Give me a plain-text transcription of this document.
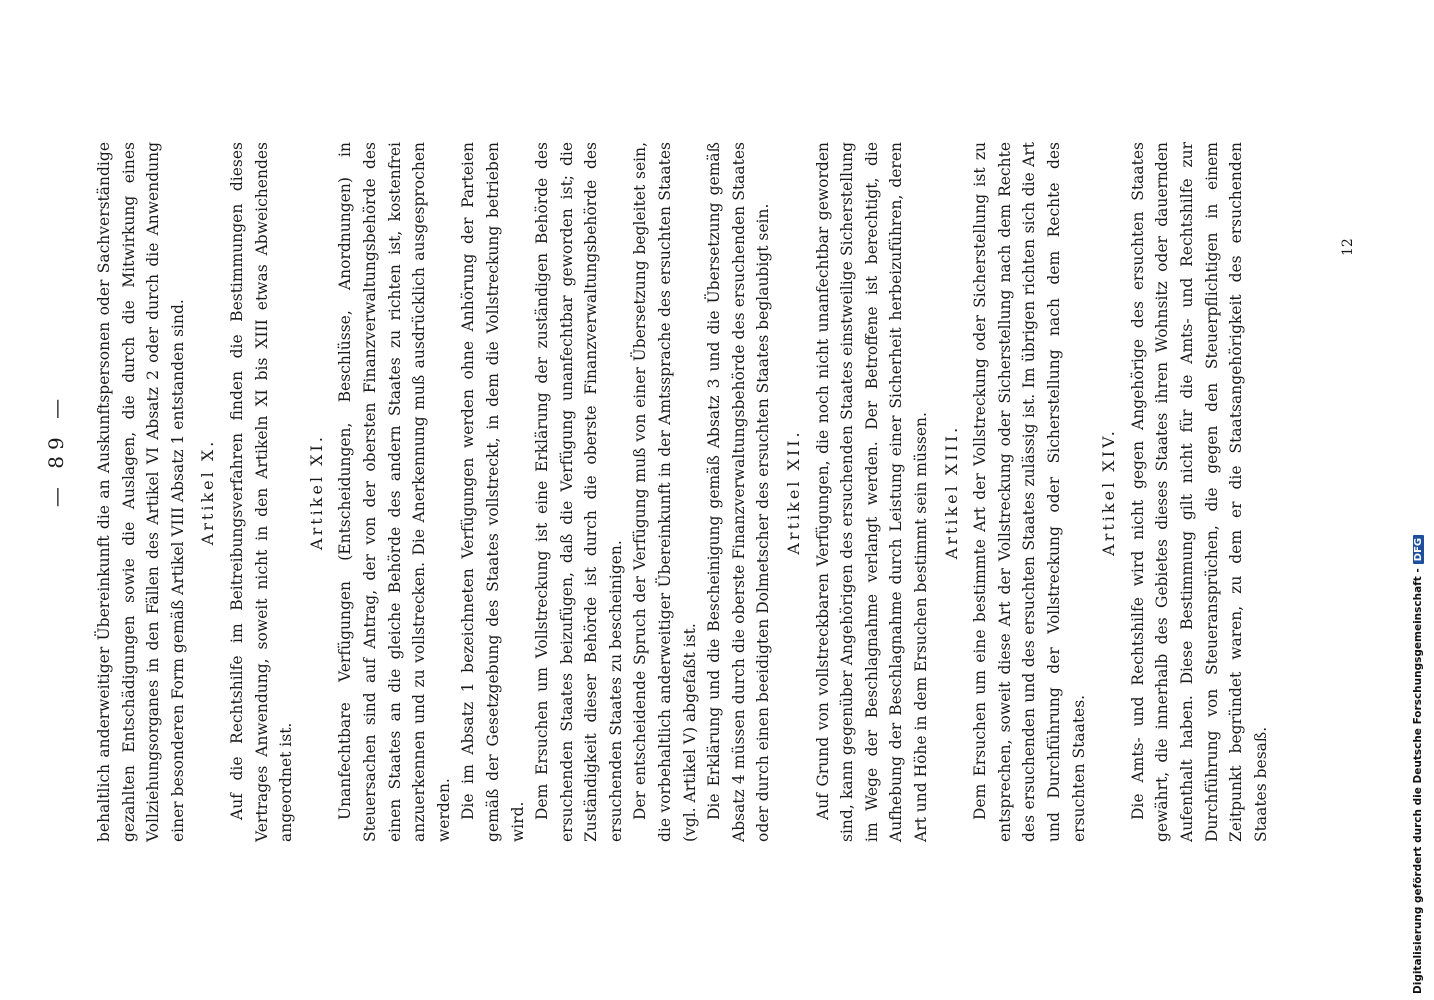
— 89 — behaltlich anderweitiger Übereinkunft die an Auskunftspersonen oder Sachverständige gezahlten Entschädigungen sowie die Auslagen, die durch die Mitwirkung eines Vollziehungsorganes in den Fällen des Artikel VI Absatz 2 oder durch die Anwendung einer besonderen Form gemäß Artikel VIII Absatz 1 entstanden sind. Artikel X. Auf die Rechtshilfe im Beitreibungsverfahren finden die Bestimmungen dieses Vertrages Anwendung, soweit nicht in den Artikeln XI bis XIII etwas Abweichendes angeordnet ist.

Artikel XI. Unanfechtbare Verfügungen (Entscheidungen, Beschlüsse, Anordnungen) in Steuersachen sind auf Antrag, der von der obersten Finanzverwaltungsbehörde des einen Staates an die gleiche Behörde des andern Staates zu richten ist, kostenfrei anzuerkennen und zu vollstrecken. Die Anerkennung muß ausdrücklich ausgesprochen werden. Die im Absatz 1 bezeichneten Verfügungen werden ohne Anhörung der Parteien gemäß der Gesetzgebung des Staates vollstreckt, in dem die Vollstreckung betrieben wird.

Dem Ersuchen um Vollstreckung ist eine Erklärung der zuständigen Behörde des ersuchenden Staates beizufügen, daß die Verfügung unanfechtbar geworden ist; die Zuständigkeit dieser Behörde ist durch die oberste Finanzverwaltungsbehörde des ersuchenden Staates zu bescheinigen. Der entscheidende Spruch der Verfügung muß von einer Übersetzung begleitet sein, die vorbehaltlich anderweitiger Übereinkunft in der Amtssprache des ersuchten Staates (vgl. Artikel V) abgefaßt ist. Die Erklärung und die Bescheinigung gemäß Absatz 3 und die Übersetzung gemäß Absatz 4 müssen durch die oberste Finanzverwaltungsbehörde des ersuchenden Staates oder durch einen beeidigten Dolmetscher des ersuchten Staates beglaubigt sein. Artikel XII. Auf Grund von vollstreckbaren Verfügungen, die noch nicht unanfechtbar geworden sind, kann gegenüber Angehörigen des ersuchenden Staates einstweilige Sicherstellung im Wege der Beschlagnahme verlangt werden. Der Betroffene ist berechtigt, die Aufhebung der Beschlagnahme durch Leistung einer Sicherheit herbeizuführen, deren Art und Höhe in dem Ersuchen bestimmt sein müssen. Artikel XIII. Dem Ersuchen um eine bestimmte Art der Vollstreckung oder Sicherstellung ist zu entsprechen, soweit diese Art der Vollstreckung oder Sicherstellung nach dem Rechte des ersuchenden und des ersuchten Staates zulässig ist. Im übrigen richten sich die Art und Durchführung der Vollstreckung oder Sicherstellung nach dem Rechte des ersuchten Staates.

Artikel XIV. Die Amts- und Rechtshilfe wird nicht gegen Angehörige des ersuchten Staates gewährt, die innerhalb des Gebietes dieses Staates ihren Wohnsitz oder dauernden Aufenthalt haben. Diese Bestimmung gilt nicht für die Amts- und Rechtshilfe zur Durchführung von Steueransprüchen, die gegen den Steuerpflichtigen in einem Zeitpunkt begründet waren, zu dem er die Staatsangehörigkeit des ersuchenden Staates besaß.

12
Digitalisierung gefördert durch die Deutsche Forschungsgemeinschaft -DFG
